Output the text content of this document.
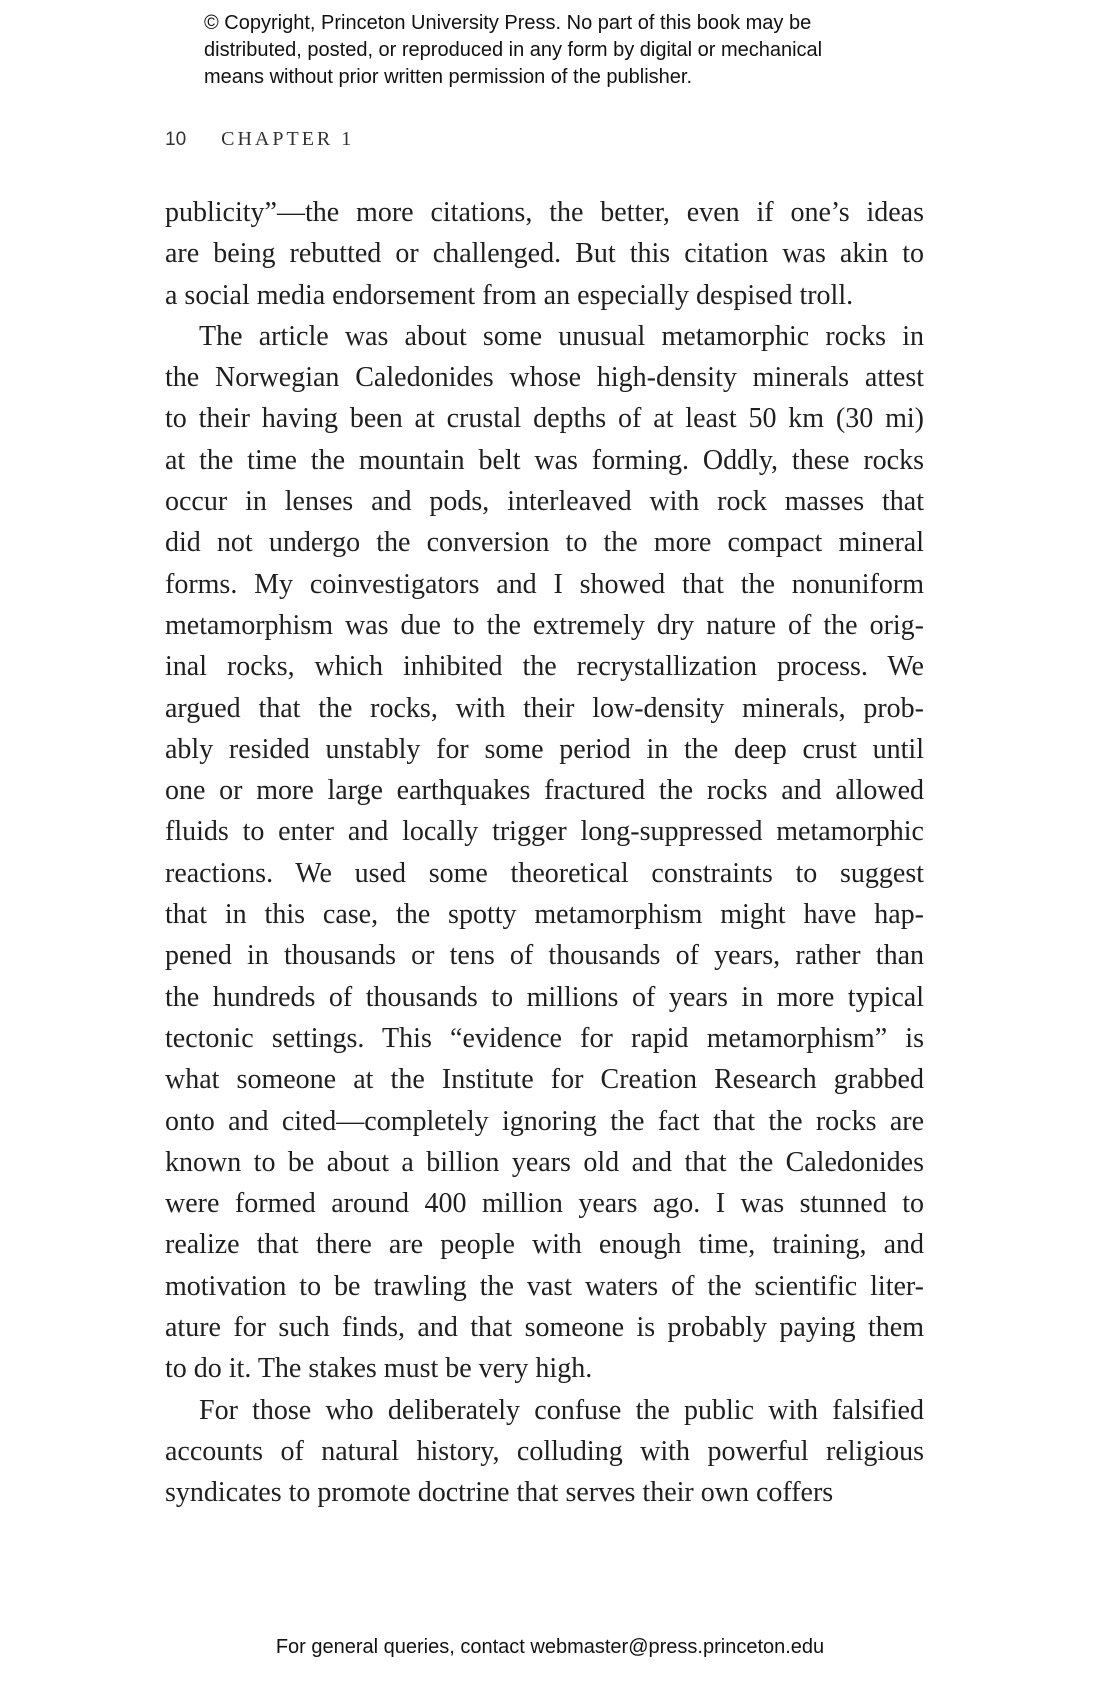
© Copyright, Princeton University Press. No part of this book may be
distributed, posted, or reproduced in any form by digital or mechanical
means without prior written permission of the publisher.
10 CHAPTER 1
publicity”—the more citations, the better, even if one’s ideas
are being rebutted or challenged. But this citation was akin to
a social media endorsement from an especially despised troll.
The article was about some unusual metamorphic rocks in
the Norwegian Caledonides whose high-density minerals attest
to their having been at crustal depths of at least 50 km (30 mi)
at the time the mountain belt was forming. Oddly, these rocks
occur in lenses and pods, interleaved with rock masses that
did not undergo the conversion to the more compact mineral
forms. My coinvestigators and I showed that the nonuniform
metamorphism was due to the extremely dry nature of the orig-
inal rocks, which inhibited the recrystallization process. We
argued that the rocks, with their low-density minerals, prob-
ably resided unstably for some period in the deep crust until
one or more large earthquakes fractured the rocks and allowed
fluids to enter and locally trigger long-suppressed metamorphic
reactions. We used some theoretical constraints to suggest
that in this case, the spotty metamorphism might have hap-
pened in thousands or tens of thousands of years, rather than
the hundreds of thousands to millions of years in more typical
tectonic settings. This “evidence for rapid metamorphism” is
what someone at the Institute for Creation Research grabbed
onto and cited—completely ignoring the fact that the rocks are
known to be about a billion years old and that the Caledonides
were formed around 400 million years ago. I was stunned to
realize that there are people with enough time, training, and
motivation to be trawling the vast waters of the scientific liter-
ature for such finds, and that someone is probably paying them
to do it. The stakes must be very high.
For those who deliberately confuse the public with falsified
accounts of natural history, colluding with powerful religious
syndicates to promote doctrine that serves their own coffers
For general queries, contact webmaster@press.princeton.edu
